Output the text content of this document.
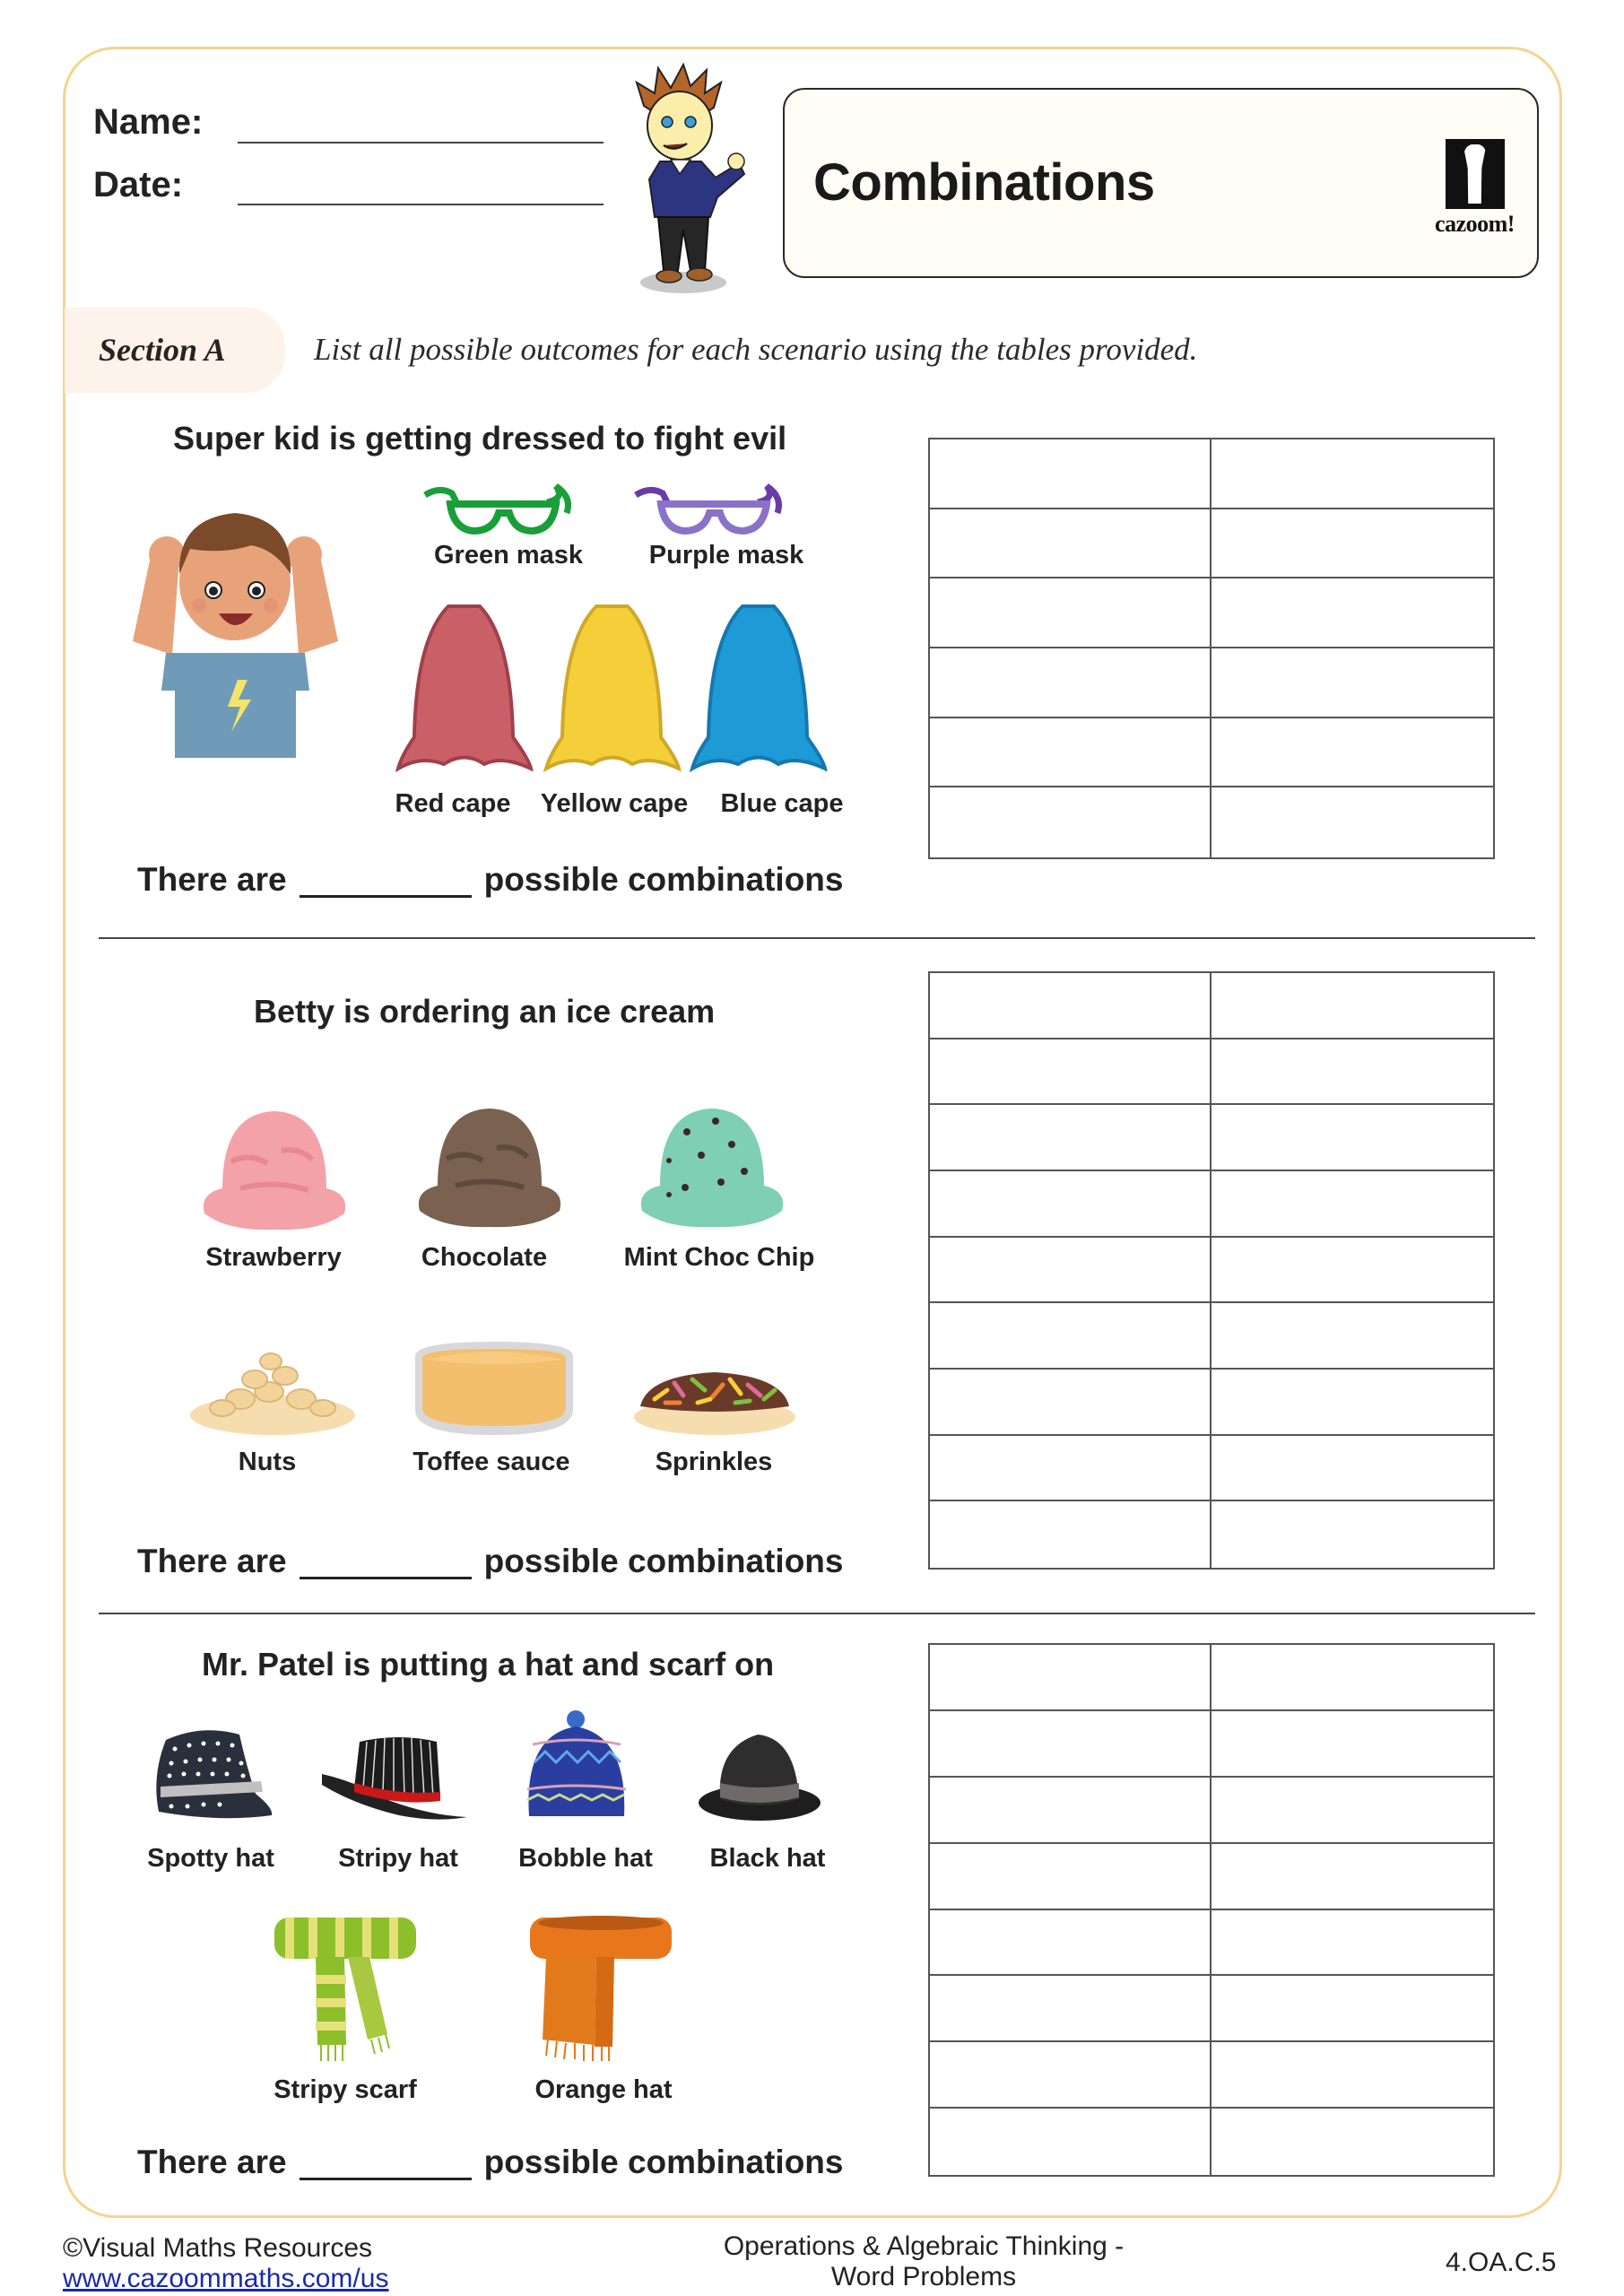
Name:
Date:	Combinations
cazoom!
Section A	List all possible outcomes for each scenario using the tables provided.
Super kid is getting dressed to fight evil
Green mask	Purple mask
Red cape Yellow cape Blue cape
There are	possible combinations
Betty is ordering an ice cream
Strawberry	Chocolate	Mint Choc Chip
Nuts	Toffee sauce	Sprinkles
There are	possible combinations
Mr. Patel is putting a hat and scarf on
Spotty hat Stripy hat Bobble hat Black hat
Stripy scarf	Orange hat
There are	possible combinations
©Visual Maths Resources
www.cazoommaths.com/us
Operations & Algebraic Thinking -
Word Problems	4.OA.C.5
